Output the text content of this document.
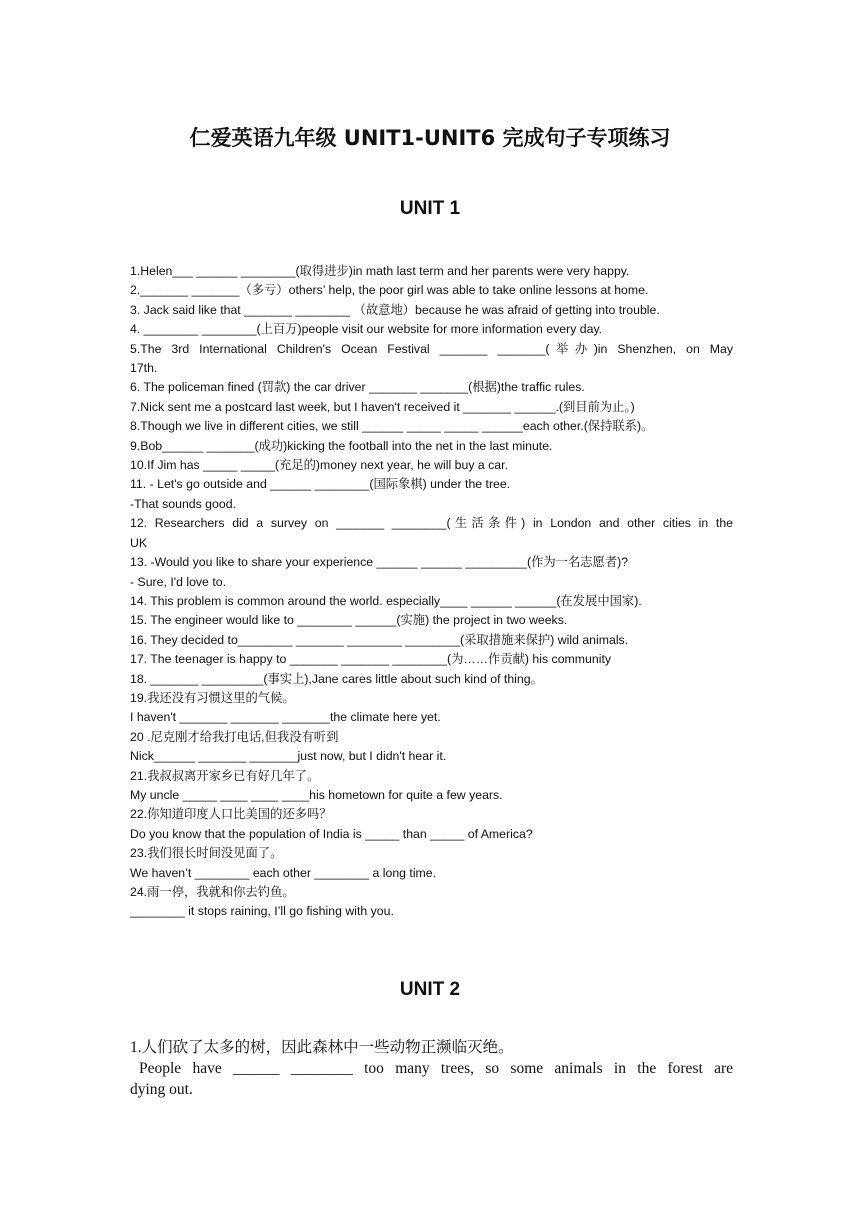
仁爱英语九年级 UNIT1-UNIT6 完成句子专项练习
UNIT 1
1.Helen___ ______ ________(取得进步)in math last term and her parents were very happy.
2._______ _______（多亏）others’ help, the poor girl was able to take online lessons at home.
3. Jack said like that _______ ________ （故意地）because he was afraid of getting into trouble.
4. ________ ________(上百万)people visit our website for more information every day.
5.The 3rd International Children's Ocean Festival _______ _______(举办)in Shenzhen, on May
17th.
6. The policeman fined (罚款) the car driver _______ _______(根据)the traffic rules.
7.Nick sent me a postcard last week, but I haven't received it _______ ______.(到目前为止。)
8.Though we live in different cities, we still ______ _____ _____ ______each other.(保持联系)。
9.Bob______ _______(成功)kicking the football into the net in the last minute.
10.If Jim has _____ _____(充足的)money next year, he will buy a car.
11. - Let's go outside and ______ ________(国际象棋) under the tree.
-That sounds good.
12. Researchers did a survey on _______ ________(生活条件) in London and other cities in the
UK
13. -Would you like to share your experience ______ ______ _________(作为一名志愿者)?
- Sure, I'd love to.
14. This problem is common around the world. especially____ ______ ______(在发展中国家).
15. The engineer would like to ________ ______(实施) the project in two weeks.
16. They decided to________ _______ ________ ________(采取措施来保护) wild animals.
17. The teenager is happy to _______ _______ ________(为……作贡献) his community
18. _______ _________(事实上),Jane cares little about such kind of thing。
19.我还没有习惯这里的气候。
I haven't _______ _______ _______the climate here yet.
20 .尼克刚才给我打电话,但我没有听到
Nick______ _______ _______just now, but I didn't hear it.
21.我叔叔离开家乡已有好几年了。
My uncle _____ ____ ____ ____his hometown for quite a few years.
22.你知道印度人口比美国的还多吗？
Do you know that the population of India is _____ than _____ of America?
23.我们很长时间没见面了。
We haven’t ________ each other ________ a long time.
24.雨一停，我就和你去钓鱼。
________ it stops raining, I’ll go fishing with you.
UNIT 2
1.人们砍了太多的树，因此森林中一些动物正濒临灭绝。
People have ______ ________ too many trees, so some animals in the forest are
dying out.
